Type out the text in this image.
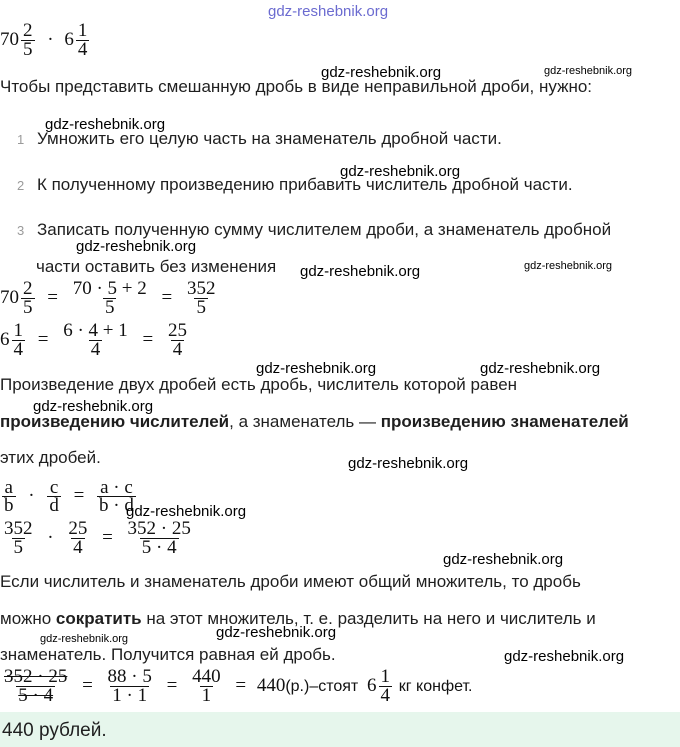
gdz-reshebnik.org
$70 \frac{2}{5} \cdot 6 \frac{1}{4}$
gdz-reshebnik.org	gdz-reshebnik.org
Чтобы представить смешанную дробь в виде неправильной дроби, нужно:
gdz-reshebnik.org
1 Умножить его целую часть на знаменатель дробной части.
gdz-reshebnik.org
2 К полученному произведению прибавить числитель дробной части.
3 Записать полученную сумму числителем дроби, а знаменатель дробной
gdz-reshebnik.org
части оставить без изменения gdz-reshebnik.org	gdz-reshebnik.org
$70 \frac{2}{5} = \frac{70 \cdot 5 + 2}{5} = \frac{352}{5}$
$6 \frac{1}{4} = \frac{6 \cdot 4 + 1}{4} = \frac{25}{4}$
gdz-reshebnik.org	gdz-reshebnik.org
Произведение двух дробей есть дробь, числитель которой равен
gdz-reshebnik.org
произведению числителей, а знаменатель — произведению знаменателей
этих дробей.	gdz-reshebnik.org
$\frac{a}{b} \cdot \frac{c}{d} = \frac{a \cdot c}{b \cdot d}$
gdz-reshebnik.org
$\frac{352}{5} \cdot \frac{25}{4} = \frac{352 \cdot 25}{5 \cdot 4}$
gdz-reshebnik.org
Если числитель и знаменатель дроби имеют общий множитель, то дробь
можно сократить на этот множитель, т. е. разделить на него и числитель и
gdz-reshebnik.org
gdz-reshebnik.org
знаменатель. Получится равная ей дробь.	gdz-reshebnik.org
$\frac{352 \cdot 25}{5 \cdot 4} = \frac{88 \cdot 5}{1 \cdot 1} = \frac{440}{1}$ = 440(р.)–стоят $6 \frac{1}{4}$ кг конфет.
440 рублей.
